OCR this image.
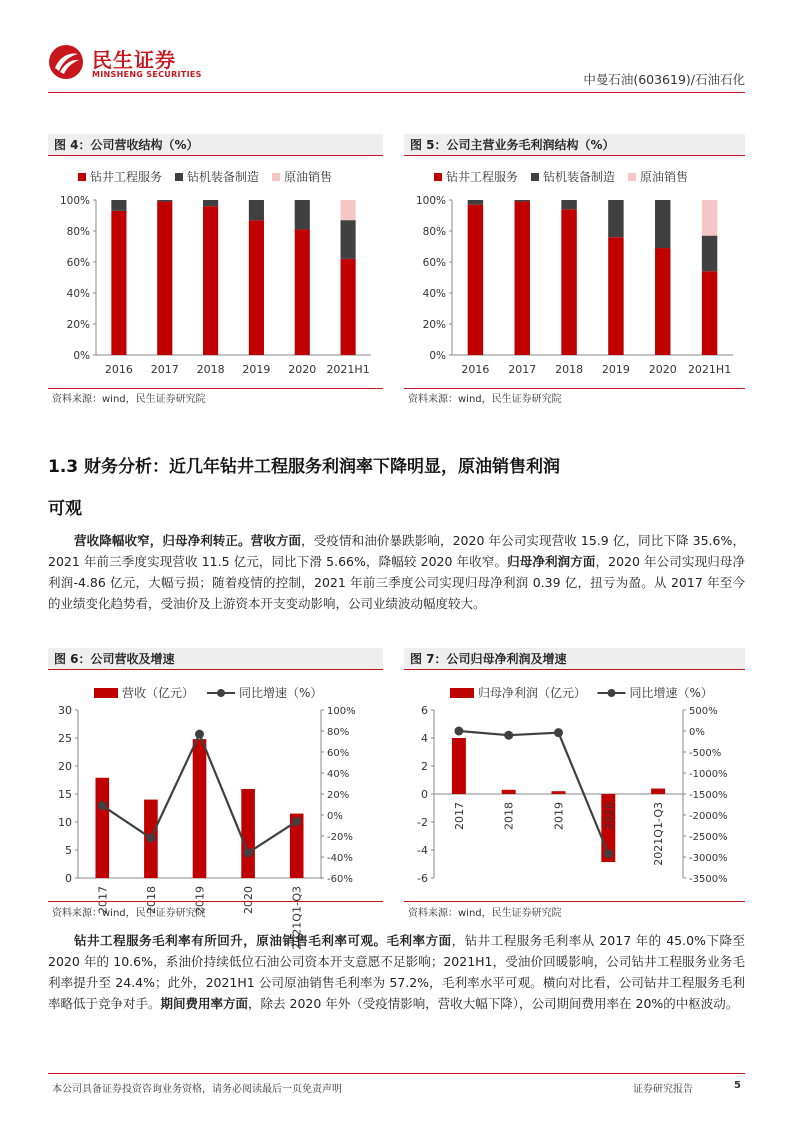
民生证券
MINSHENG SECURITIES	中曼石油(603619)/石油石化
图 4：公司营收结构（%）
钻井工程服务 钻机装备制造 原油销售
0%
20%
40%
60%
80%
100%
2016 2017 2018 2019 2020 2021H1
资料来源：wind，民生证券研究院
图 5：公司主营业务毛利润结构（%）
钻井工程服务 钻机装备制造 原油销售
0%
20%
40%
60%
80%
100%
2016 2017 2018 2019 2020 2021H1
资料来源：wind，民生证券研究院
1.3 财务分析：近几年钻井工程服务利润率下降明显，原油销售利润
可观
营收降幅收窄，归母净利转正。营收方面，受疫情和油价暴跌影响，2020 年公司实现营收 15.9 亿，同比下降 35.6%，2021 年前三季度实现营收 11.5 亿元，同比下滑 5.66%，降幅较 2020 年收窄。归母净利润方面，2020 年公司实现归母净利润-4.86 亿元，大幅亏损；随着疫情的控制，2021 年前三季度公司实现归母净利润 0.39 亿，扭亏为盈。从 2017 年至今的业绩变化趋势看，受油价及上游资本开支变动影响，公司业绩波动幅度较大。
图 6：公司营收及增速
营收（亿元）	同比增速（%）
0
5
10
15
20
25
30
-60%
-40%
-20%
0%
20%
40%
60%
80%
100%
2017	2018	2019	2020	2021Q1-Q3
资料来源：wind，民生证券研究院
图 7：公司归母净利润及增速
归母净利润（亿元）	同比增速（%）
-6
-4
-2
0
2
4
6
-3500%
-3000%
-2500%
-2000%
-1500%
-1000%
-500%
0%
500%
2017	2018	2019	2020	2021Q1-Q3
资料来源：wind，民生证券研究院
钻井工程服务毛利率有所回升，原油销售毛利率可观。毛利率方面，钻井工程服务毛利率从 2017 年的 45.0%下降至 2020 年的 10.6%，系油价持续低位石油公司资本开支意愿不足影响；2021H1，受油价回暖影响，公司钻井工程服务业务毛利率提升至 24.4%；此外，2021H1 公司原油销售毛利率为 57.2%，毛利率水平可观。横向对比看，公司钻井工程服务毛利率略低于竞争对手。期间费用率方面，除去 2020 年外（受疫情影响，营收大幅下降），公司期间费用率在 20%的中枢波动。
本公司具备证券投资咨询业务资格，请务必阅读最后一页免责声明	证券研究报告	5
